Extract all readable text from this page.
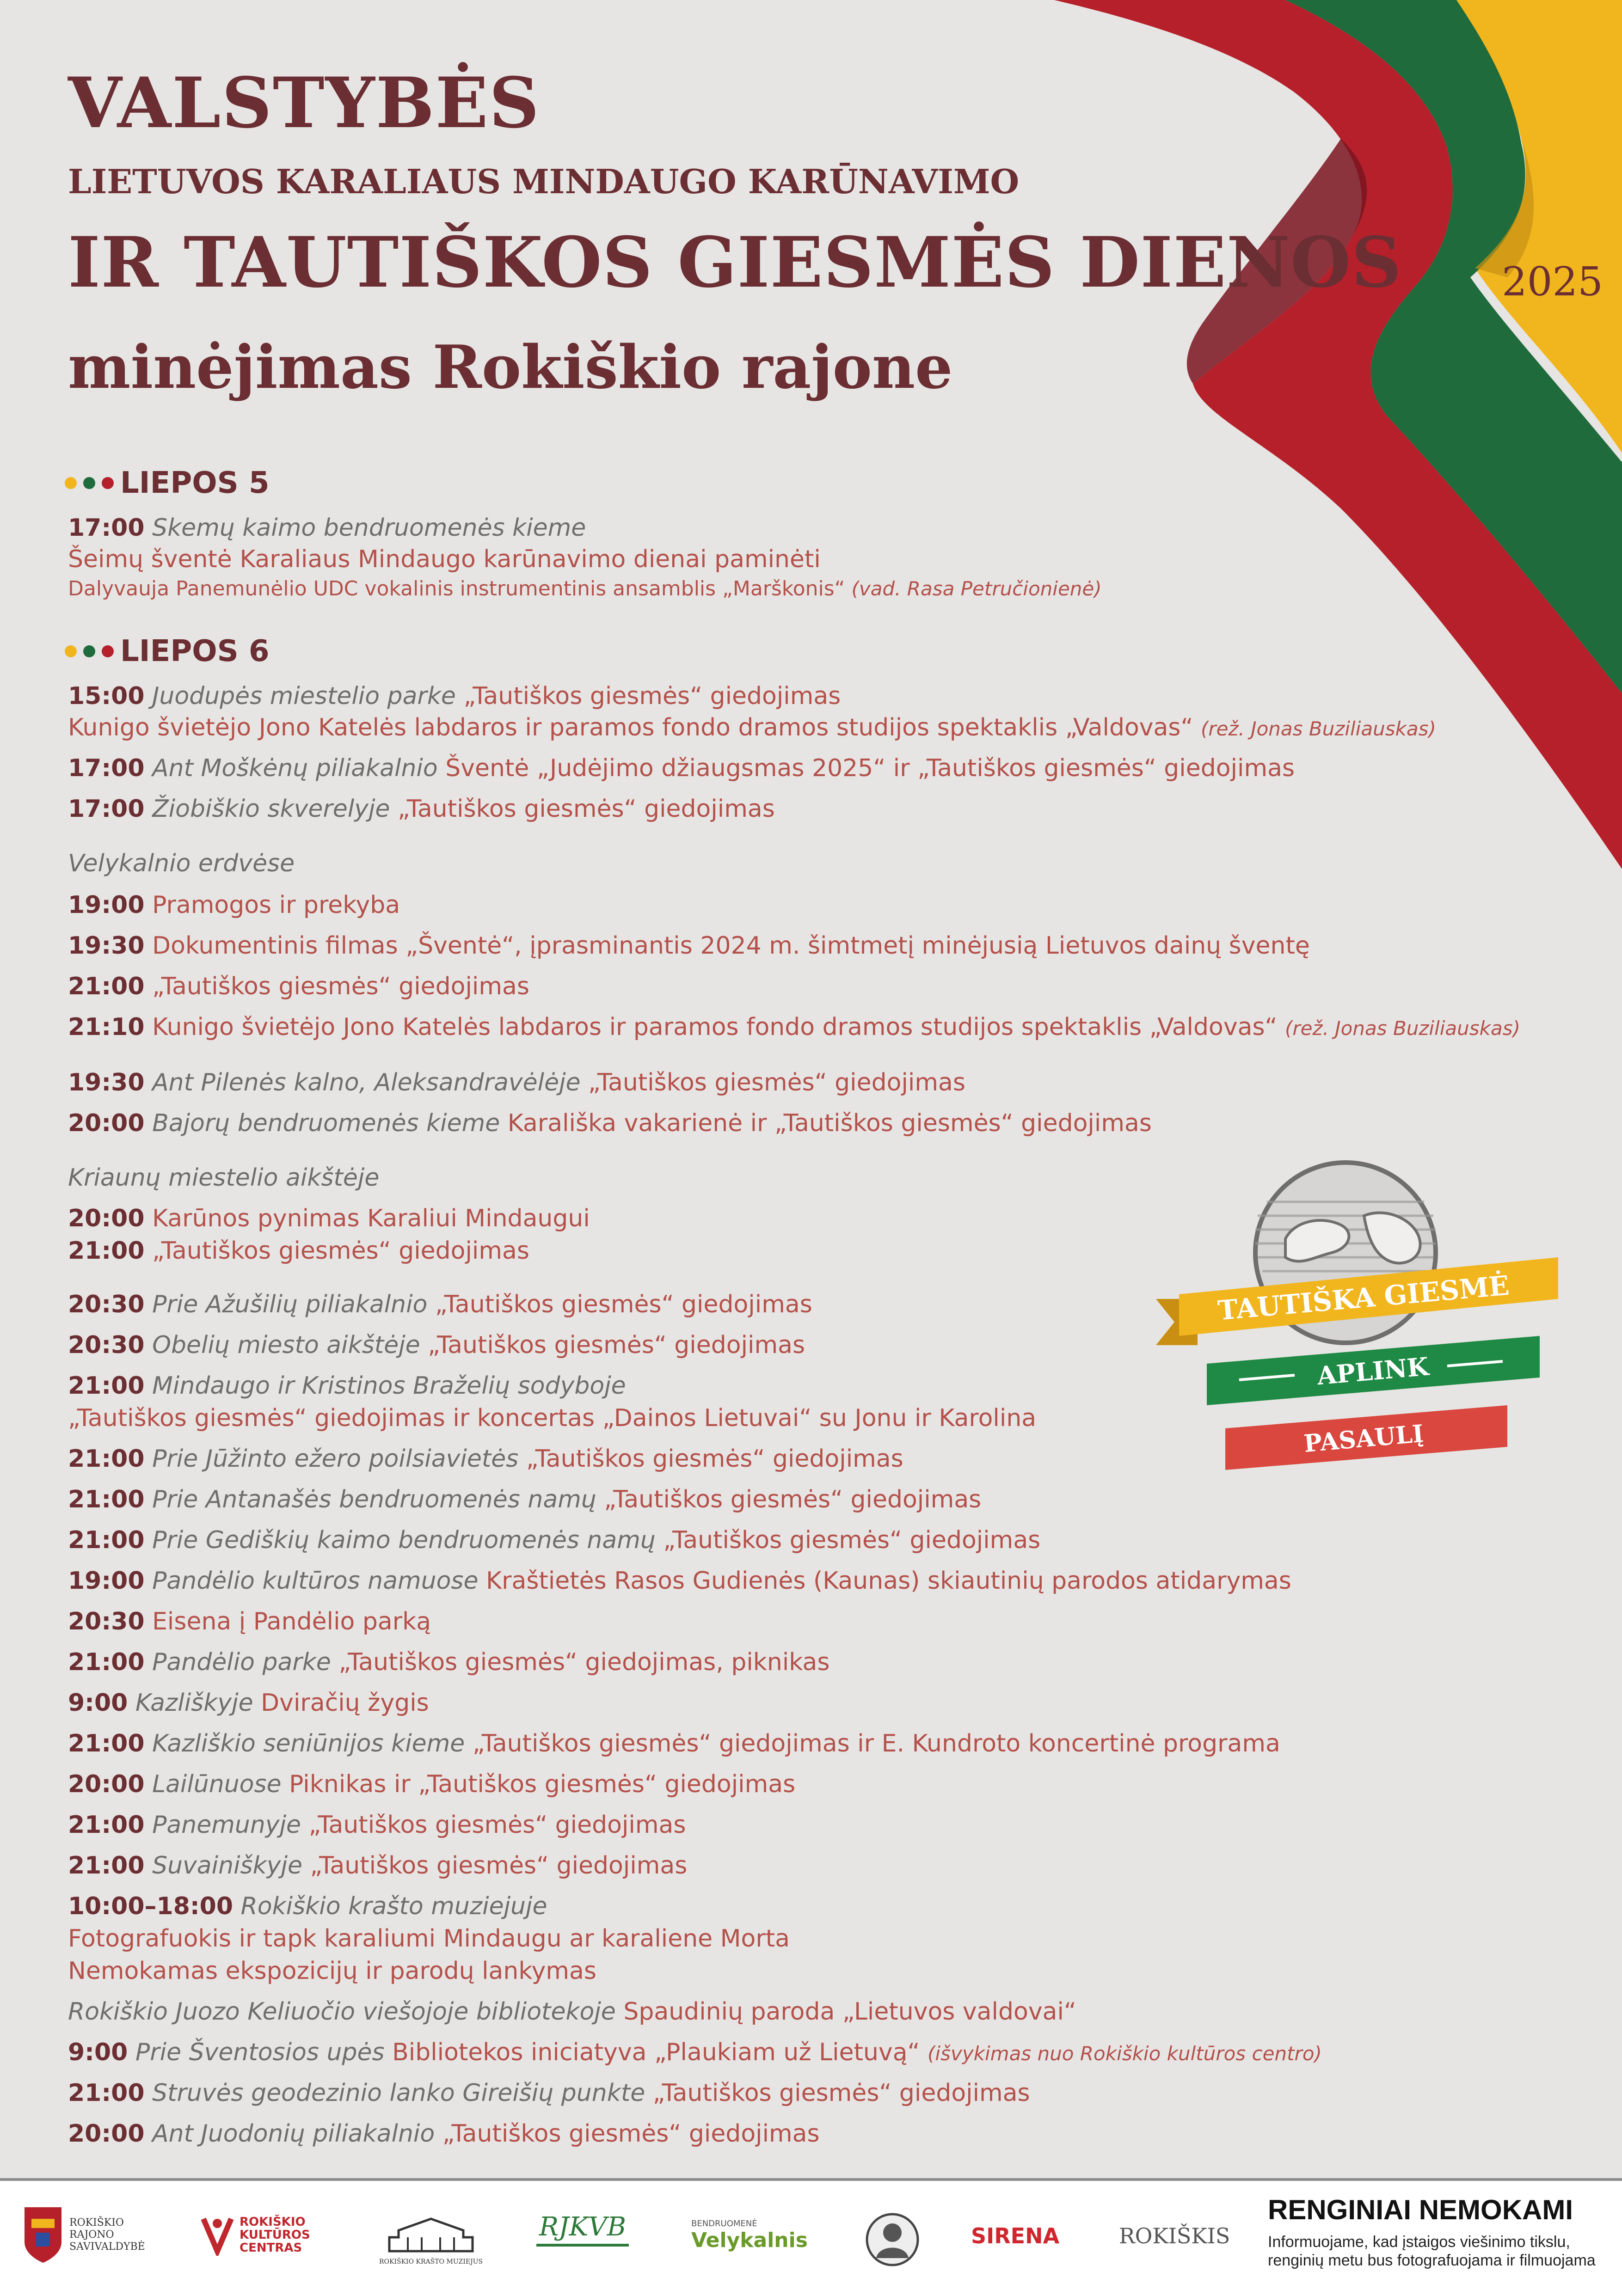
VALSTYBĖS
LIETUVOS KARALIAUS MINDAUGO KARŪNAVIMO
IR TAUTIŠKOS GIESMĖS DIENOS
minėjimas Rokiškio rajone
2025
LIEPOS 5
17:00 Skemų kaimo bendruomenės kieme
Šeimų šventė Karaliaus Mindaugo karūnavimo dienai paminėti
Dalyvauja Panemunėlio UDC vokalinis instrumentinis ansamblis „Marškonis“ (vad. Rasa Petručionienė)
LIEPOS 6
15:00 Juodupės miestelio parke „Tautiškos giesmės“ giedojimas
Kunigo švietėjo Jono Katelės labdaros ir paramos fondo dramos studijos spektaklis „Valdovas“ (rež. Jonas Buziliauskas)
17:00 Ant Moškėnų piliakalnio Šventė „Judėjimo džiaugsmas 2025“ ir „Tautiškos giesmės“ giedojimas
17:00 Žiobiškio skverelyje „Tautiškos giesmės“ giedojimas
Velykalnio erdvėse
19:00 Pramogos ir prekyba
19:30 Dokumentinis filmas „Šventė“, įprasminantis 2024 m. šimtmetį minėjusią Lietuvos dainų šventę
21:00 „Tautiškos giesmės“ giedojimas
21:10 Kunigo švietėjo Jono Katelės labdaros ir paramos fondo dramos studijos spektaklis „Valdovas“ (rež. Jonas Buziliauskas)
19:30 Ant Pilenės kalno, Aleksandravėlėje „Tautiškos giesmės“ giedojimas
20:00 Bajorų bendruomenės kieme Karališka vakarienė ir „Tautiškos giesmės“ giedojimas
Kriaunų miestelio aikštėje
20:00 Karūnos pynimas Karaliui Mindaugui
21:00 „Tautiškos giesmės“ giedojimas
20:30 Prie Ažušilių piliakalnio „Tautiškos giesmės“ giedojimas
20:30 Obelių miesto aikštėje „Tautiškos giesmės“ giedojimas
21:00 Mindaugo ir Kristinos Braželių sodyboje
„Tautiškos giesmės“ giedojimas ir koncertas „Dainos Lietuvai“ su Jonu ir Karolina
21:00 Prie Jūžinto ežero poilsiavietės „Tautiškos giesmės“ giedojimas
21:00 Prie Antanašės bendruomenės namų „Tautiškos giesmės“ giedojimas
21:00 Prie Gediškių kaimo bendruomenės namų „Tautiškos giesmės“ giedojimas
19:00 Pandėlio kultūros namuose Kraštietės Rasos Gudienės (Kaunas) skiautinių parodos atidarymas
20:30 Eisena į Pandėlio parką
21:00 Pandėlio parke „Tautiškos giesmės“ giedojimas, piknikas
9:00 Kazliškyje Dviračių žygis
21:00 Kazliškio seniūnijos kieme „Tautiškos giesmės“ giedojimas ir E. Kundroto koncertinė programa
20:00 Lailūnuose Piknikas ir „Tautiškos giesmės“ giedojimas
21:00 Panemunyje „Tautiškos giesmės“ giedojimas
21:00 Suvainiškyje „Tautiškos giesmės“ giedojimas
10:00–18:00 Rokiškio krašto muziejuje
Fotografuokis ir tapk karaliumi Mindaugu ar karaliene Morta
Nemokamas ekspozicijų ir parodų lankymas
Rokiškio Juozo Keliuočio viešojoje bibliotekoje Spaudinių paroda „Lietuvos valdovai“
9:00 Prie Šventosios upės Bibliotekos iniciatyva „Plaukiam už Lietuvą“ (išvykimas nuo Rokiškio kultūros centro)
21:00 Struvės geodezinio lanko Gireišių punkte „Tautiškos giesmės“ giedojimas
20:00 Ant Juodonių piliakalnio „Tautiškos giesmės“ giedojimas
TAUTIŠKA GIESMĖ
APLINK
PASAULĮ
ROKIŠKIO
RAJONO
SAVIVALDYBĖ
ROKIŠKIO
KULTŪROS
CENTRAS
ROKIŠKIO KRAŠTO MUZIEJUS
RJKVB	BENDRUOMENĖ
Velykalnis	SIRENA	ROKIŠKIS
RENGINIAI NEMOKAMI
Informuojame, kad įstaigos viešinimo tikslu, renginių metu bus fotografuojama ir filmuojama
